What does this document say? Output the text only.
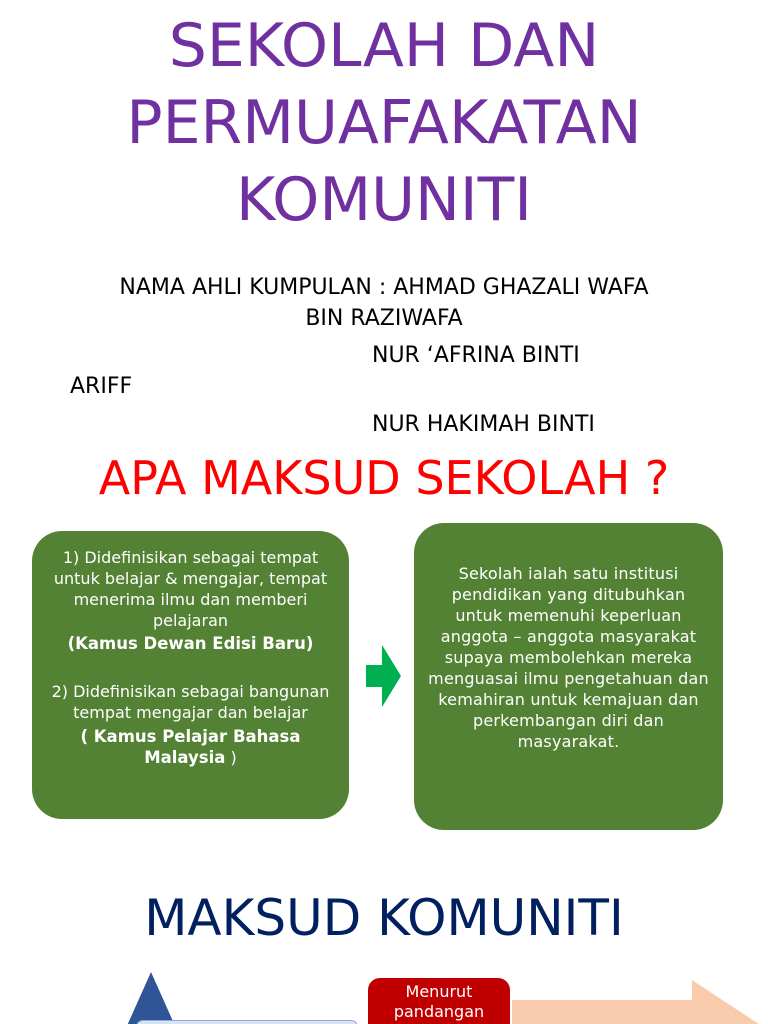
SEKOLAH DAN
PERMUAFAKATAN
KOMUNITI
NAMA AHLI KUMPULAN : AHMAD GHAZALI WAFA
BIN RAZIWAFA
NUR ‘AFRINA BINTI
ARIFF
NUR HAKIMAH BINTI
APA MAKSUD SEKOLAH ?

1) Didefinisikan sebagai tempat untuk belajar & mengajar, tempat menerima ilmu dan memberi pelajaran

(Kamus Dewan Edisi Baru)

2) Didefinisikan sebagai bangunan tempat mengajar dan belajar

( Kamus Pelajar Bahasa Malaysia )

Sekolah ialah satu institusi pendidikan yang ditubuhkan untuk memenuhi keperluan anggota – anggota masyarakat supaya membolehkan mereka menguasai ilmu pengetahuan dan kemahiran untuk kemajuan dan perkembangan diri dan masyarakat.

MAKSUD KOMUNITI
Menurut
pandangan
